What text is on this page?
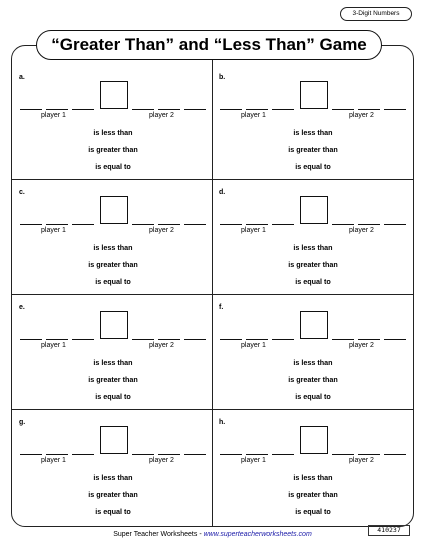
3-Digit Numbers
“Greater Than” and “Less Than” Game
a.
player 1	player 2
is less than
is greater than
is equal to
b.
player 1	player 2
is less than
is greater than
is equal to
c.
player 1	player 2
is less than
is greater than
is equal to
d.
player 1	player 2
is less than
is greater than
is equal to
e.
player 1	player 2
is less than
is greater than
is equal to
f.
player 1	player 2
is less than
is greater than
is equal to
g.
player 1	player 2
is less than
is greater than
is equal to
h.
player 1	player 2
is less than
is greater than
is equal to
Super Teacher Worksheets - www.superteacherworksheets.com
410237
